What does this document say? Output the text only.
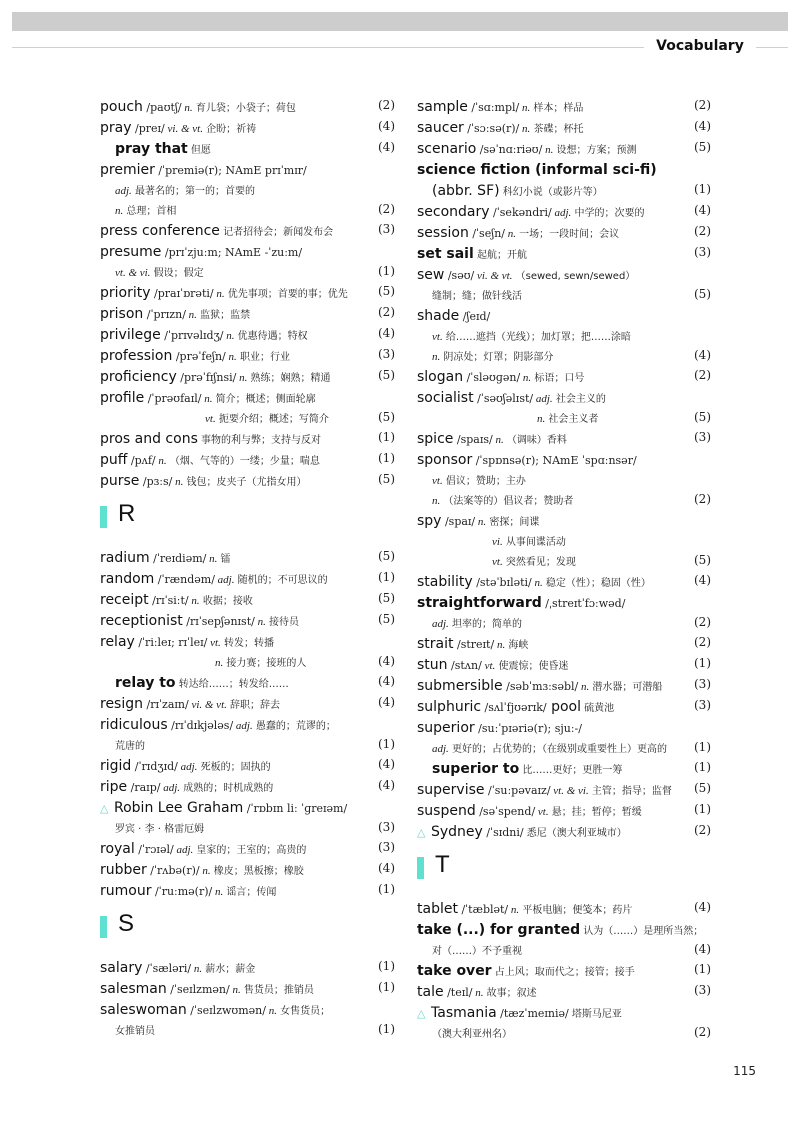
Vocabulary
pouch /paʊtʃ/ n. 育儿袋；小袋子；荷包	(2)
pray /preɪ/ vi. & vt. 企盼；祈祷	(4)
pray that 但愿	(4)
premier /ˈpremiə(r); NAmE prɪˈmɪr/
adj. 最著名的；第一的；首要的
n. 总理；首相	(2)
press conference 记者招待会；新闻发布会	(3)
presume /prɪˈzjuːm; NAmE -ˈzuːm/
vt. & vi. 假设；假定	(1)
priority /praɪˈɒrəti/ n. 优先事项；首要的事；优先	(5)
prison /ˈprɪzn/ n. 监狱；监禁	(2)
privilege /ˈprɪvəlɪdʒ/ n. 优惠待遇；特权	(4)
profession /prəˈfeʃn/ n. 职业；行业	(3)
proficiency /prəˈfɪʃnsi/ n. 熟练；娴熟；精通	(5)
profile /ˈprəʊfaɪl/ n. 简介；概述；侧面轮廓
vt. 扼要介绍；概述；写简介	(5)
pros and cons 事物的利与弊；支持与反对	(1)
puff /pʌf/ n. （烟、气等的）一缕；少量；喘息	(1)
purse /pɜːs/ n. 钱包；皮夹子（尤指女用）	(5)
R
radium /ˈreɪdiəm/ n. 镭	(5)
random /ˈrændəm/ adj. 随机的；不可思议的	(1)
receipt /rɪˈsiːt/ n. 收据；接收	(5)
receptionist /rɪˈsepʃənɪst/ n. 接待员	(5)
relay /ˈriːleɪ; rɪˈleɪ/ vt. 转发；转播
n. 接力赛；接班的人	(4)
relay to 转达给……；转发给……	(4)
resign /rɪˈzaɪn/ vi. & vt. 辞职；辞去	(4)
ridiculous /rɪˈdɪkjələs/ adj. 愚蠢的；荒谬的；
荒唐的	(1)
rigid /ˈrɪdʒɪd/ adj. 死板的；固执的	(4)
ripe /raɪp/ adj. 成熟的；时机成熟的	(4)
△ Robin Lee Graham /ˈrɒbɪn liː ˈɡreɪəm/
罗宾 · 李 · 格雷厄姆	(3)
royal /ˈrɔɪəl/ adj. 皇家的；王室的；高贵的	(3)
rubber /ˈrʌbə(r)/ n. 橡皮；黑板擦；橡胶	(4)
rumour /ˈruːmə(r)/ n. 谣言；传闻	(1)
S
salary /ˈsæləri/ n. 薪水；薪金	(1)
salesman /ˈseɪlzmən/ n. 售货员；推销员	(1)
saleswoman /ˈseɪlzwʊmən/ n. 女售货员；
女推销员	(1)
sample /ˈsɑːmpl/ n. 样本；样品	(2)
saucer /ˈsɔːsə(r)/ n. 茶碟；杯托	(4)
scenario /səˈnɑːriəʊ/ n. 设想；方案；预测	(5)
science fiction (informal sci-fi)
(abbr. SF) 科幻小说（或影片等）	(1)
secondary /ˈsekəndri/ adj. 中学的；次要的	(4)
session /ˈseʃn/ n. 一场；一段时间；会议	(2)
set sail 起航；开航	(3)
sew /səʊ/ vi. & vt. （sewed, sewn/sewed）
缝制；缝；做针线活	(5)
shade /ʃeɪd/
vt. 给……遮挡（光线）；加灯罩；把……涂暗
n. 阴凉处；灯罩；阴影部分	(4)
slogan /ˈsləʊɡən/ n. 标语；口号	(2)
socialist /ˈsəʊʃəlɪst/ adj. 社会主义的
n. 社会主义者	(5)
spice /spaɪs/ n. （调味）香料	(3)
sponsor /ˈspɒnsə(r); NAmE ˈspɑːnsər/
vt. 倡议；赞助；主办
n. （法案等的）倡议者；赞助者	(2)
spy /spaɪ/ n. 密探；间谍
vi. 从事间谍活动
vt. 突然看见；发现	(5)
stability /stəˈbɪləti/ n. 稳定（性）；稳固（性）	(4)
straightforward /ˌstreɪtˈfɔːwəd/
adj. 坦率的；简单的	(2)
strait /streɪt/ n. 海峡	(2)
stun /stʌn/ vt. 使震惊；使昏迷	(1)
submersible /səbˈmɜːsəbl/ n. 潜水器；可潜船	(3)
sulphuric /sʌlˈfjʊərɪk/ pool 硫黄池	(3)
superior /suːˈpɪəriə(r); sjuː-/
adj. 更好的；占优势的；（在级别或重要性上）更高的 (1)
superior to 比……更好；更胜一筹	(1)
supervise /ˈsuːpəvaɪz/ vt. & vi. 主管；指导；监督 (5)
suspend /səˈspend/ vt. 悬；挂；暂停；暂缓	(1)
△ Sydney /ˈsɪdni/ 悉尼（澳大利亚城市）	(2)
T
tablet /ˈtæblət/ n. 平板电脑；便笺本；药片	(4)
take (...) for granted 认为（……）是理所当然；
对（……）不予重视	(4)
take over 占上风；取而代之；接管；接手	(1)
tale /teɪl/ n. 故事；叙述	(3)
△ Tasmania /tæzˈmeɪniə/ 塔斯马尼亚
（澳大利亚州名）	(2)
115
